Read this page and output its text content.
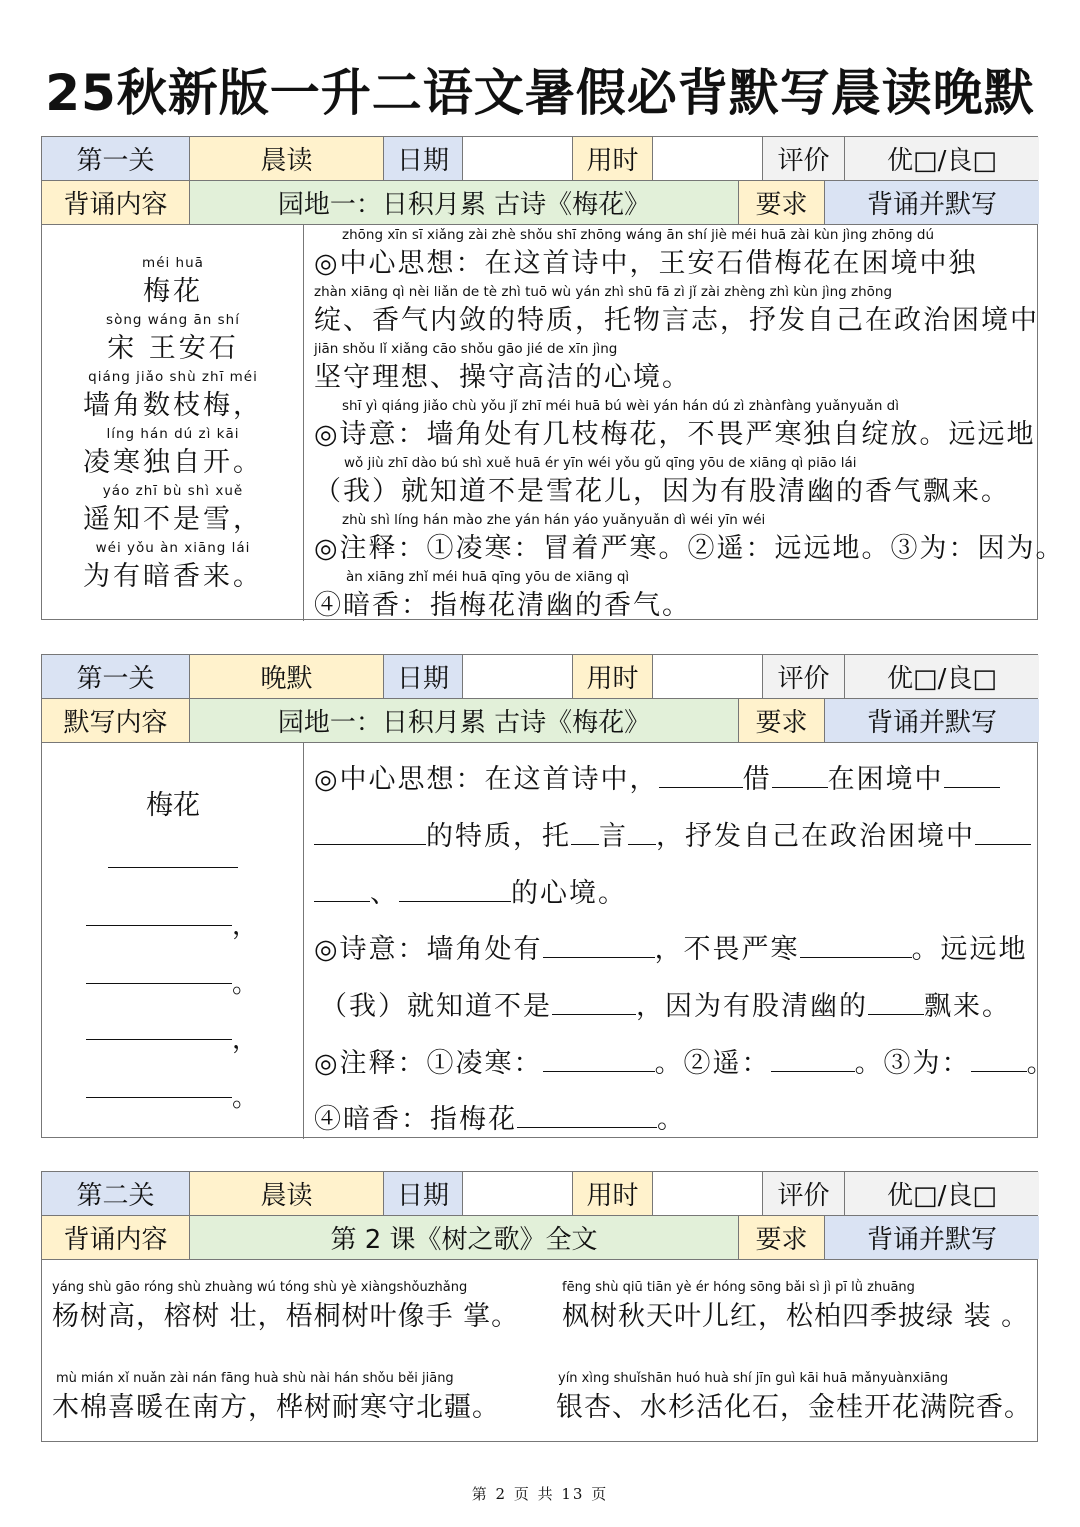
25秋新版一升二语文暑假必背默写晨读晚默
第一关	晨读	日期	用时	评价	优□/良□
背诵内容	园地一：日积月累 古诗《梅花》	要求	背诵并默写
méi huā
梅花
sòng wáng ān shí
宋 王安石
qiáng jiǎo shù zhī méi
墙角数枝梅，
líng hán dú zì kāi
凌寒独自开。
yáo zhī bù shì xuě
遥知不是雪，
wéi yǒu àn xiāng lái
为有暗香来。
zhōng xīn sī xiǎng zài zhè shǒu shī zhōng wáng ān shí jiè méi huā zài kùn jìng zhōng dú
◎中心思想：在这首诗中，王安石借梅花在困境中独
zhàn xiāng qì nèi liǎn de tè zhì tuō wù yán zhì shū fā zì jǐ zài zhèng zhì kùn jìng zhōng
绽、香气内敛的特质，托物言志，抒发自己在政治困境中
jiān shǒu lǐ xiǎng cāo shǒu gāo jié de xīn jìng
坚守理想、操守高洁的心境。
shī yì qiáng jiǎo chù yǒu jǐ zhī méi huā bú wèi yán hán dú zì zhànfàng yuǎnyuǎn dì
◎诗意：墙角处有几枝梅花，不畏严寒独自绽放。远远地
wǒ jiù zhī dào bú shì xuě huā ér yīn wéi yǒu gǔ qīng yōu de xiāng qì piāo lái
（我）就知道不是雪花儿，因为有股清幽的香气飘来。
zhù shì líng hán mào zhe yán hán yáo yuǎnyuǎn dì wéi yīn wéi
◎注释：①凌寒：冒着严寒。②遥：远远地。③为：因为。
àn xiāng zhǐ méi huā qīng yōu de xiāng qì
④暗香：指梅花清幽的香气。
第一关	晚默	日期	用时	评价	优□/良□
默写内容	园地一：日积月累 古诗《梅花》	要求	背诵并默写
梅花
，
。
，
。
◎中心思想：在这首诗中，	借 在困境中
的特质，托 言 ，抒发自己在政治困境中
、	的心境。
◎诗意：墙角处有	，不畏严寒	。远远地
（我）就知道不是	，因为有股清幽的 飘来。
◎注释：①凌寒：	。②遥：	。③为： 。
④暗香：指梅花	。
第二关	晨读	日期	用时	评价	优□/良□
背诵内容	第 2 课《树之歌》全文	要求	背诵并默写
yáng shù gāo róng shù zhuàng wú tóng shù yè xiàngshǒuzhǎng
杨树高，榕树 壮，梧桐树叶像手 掌。
fēng shù qiū tiān yè ér hóng sōng bǎi sì jì pī lǜ zhuāng
枫树秋天叶儿红，松柏四季披绿 装 。
mù mián xǐ nuǎn zài nán fāng huà shù nài hán shǒu běi jiāng
木棉喜暖在南方，桦树耐寒守北疆。
yín xìng shuǐshān huó huà shí jīn guì kāi huā mǎnyuànxiāng
银杏、水杉活化石，金桂开花满院香。
第 2 页 共 13 页
